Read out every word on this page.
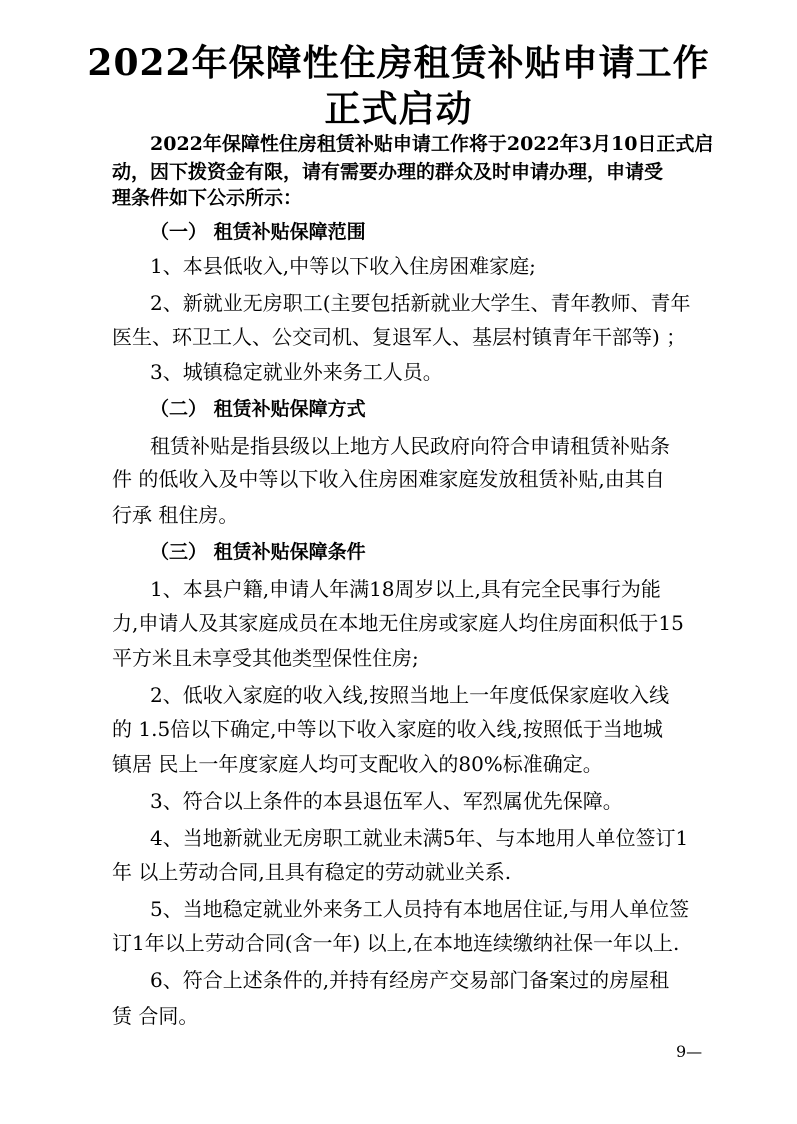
2022年保障性住房租赁补贴申请工作
正式启动
2022年保障性住房租赁补贴申请工作将于2022年3月10日正式启
动，因下拨资金有限，请有需要办理的群众及时申请办理，申请受
理条件如下公示所示：
（一） 租赁补贴保障范围
1、本县低收入,中等以下收入住房困难家庭;
2、新就业无房职工(主要包括新就业大学生、青年教师、青年
医生、环卫工人、公交司机、复退军人、基层村镇青年干部等) ；
3、城镇稳定就业外来务工人员。
（二） 租赁补贴保障方式
租赁补贴是指县级以上地方人民政府向符合申请租赁补贴条
件 的低收入及中等以下收入住房困难家庭发放租赁补贴,由其自
行承 租住房。
（三） 租赁补贴保障条件
1、本县户籍,申请人年满18周岁以上,具有完全民事行为能
力,申请人及其家庭成员在本地无住房或家庭人均住房面积低于15
平方米且未享受其他类型保性住房;
2、低收入家庭的收入线,按照当地上一年度低保家庭收入线
的 1.5倍以下确定,中等以下收入家庭的收入线,按照低于当地城
镇居 民上一年度家庭人均可支配收入的80%标准确定。
3、符合以上条件的本县退伍军人、军烈属优先保障。
4、当地新就业无房职工就业未满5年、与本地用人单位签订1
年 以上劳动合同,且具有稳定的劳动就业关系.
5、当地稳定就业外来务工人员持有本地居住证,与用人单位签
订1年以上劳动合同(含一年) 以上,在本地连续缴纳社保一年以上.
6、符合上述条件的,并持有经房产交易部门备案过的房屋租
赁 合同。
9—
